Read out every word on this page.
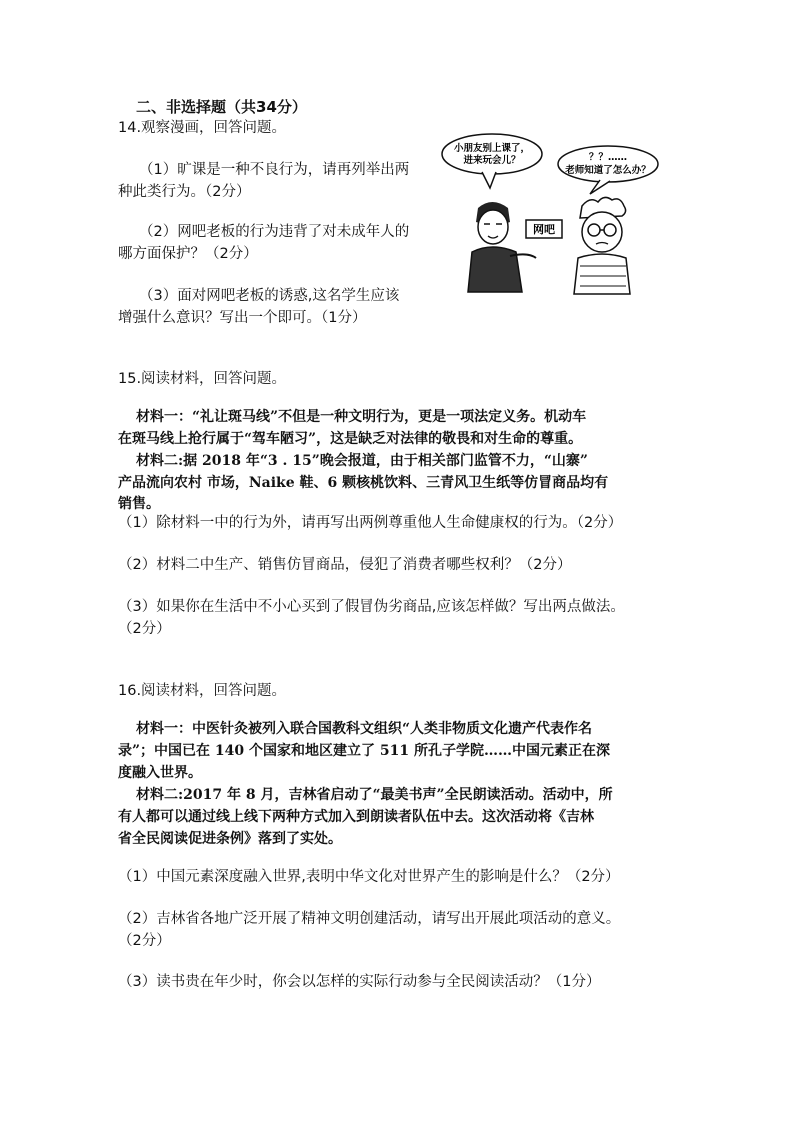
二、非选择题（共34分）
14.观察漫画，回答问题。
（1）旷课是一种不良行为，请再列举出两
种此类行为。（2分）
（2）网吧老板的行为违背了对未成年人的
哪方面保护？（2分）
（3）面对网吧老板的诱惑,这名学生应该
增强什么意识？写出一个即可。（1分）
小朋友别上课了，
进来玩会儿？	？？……
老师知道了怎么办？
网吧
15.阅读材料，回答问题。
材料一：“礼让斑马线”不但是一种文明行为，更是一项法定义务。机动车
在斑马线上抢行属于“驾车陋习”，这是缺乏对法律的敬畏和对生命的尊重。
材料二:据 2018 年“3 . 15”晚会报道，由于相关部门监管不力，“山寨”
产品流向农村 市场，Naike 鞋、6 颗核桃饮料、三青风卫生纸等仿冒商品均有
销售。
（1）除材料一中的行为外，请再写出两例尊重他人生命健康权的行为。（2分）
（2）材料二中生产、销售仿冒商品，侵犯了消费者哪些权利？（2分）
（3）如果你在生活中不小心买到了假冒伪劣商品,应该怎样做？写出两点做法。
（2分）
16.阅读材料，回答问题。
材料一：中医针灸被列入联合国教科文组织“人类非物质文化遗产代表作名
录”；中国已在 140 个国家和地区建立了 511 所孔子学院……中国元素正在深
度融入世界。
材料二:2017 年 8 月，吉林省启动了“最美书声”全民朗读活动。活动中，所
有人都可以通过线上线下两种方式加入到朗读者队伍中去。这次活动将《吉林
省全民阅读促进条例》落到了实处。
（1）中国元素深度融入世界,表明中华文化对世界产生的影响是什么？（2分）
（2）吉林省各地广泛开展了精神文明创建活动，请写出开展此项活动的意义。
（2分）
（3）读书贵在年少时，你会以怎样的实际行动参与全民阅读活动？（1分）
